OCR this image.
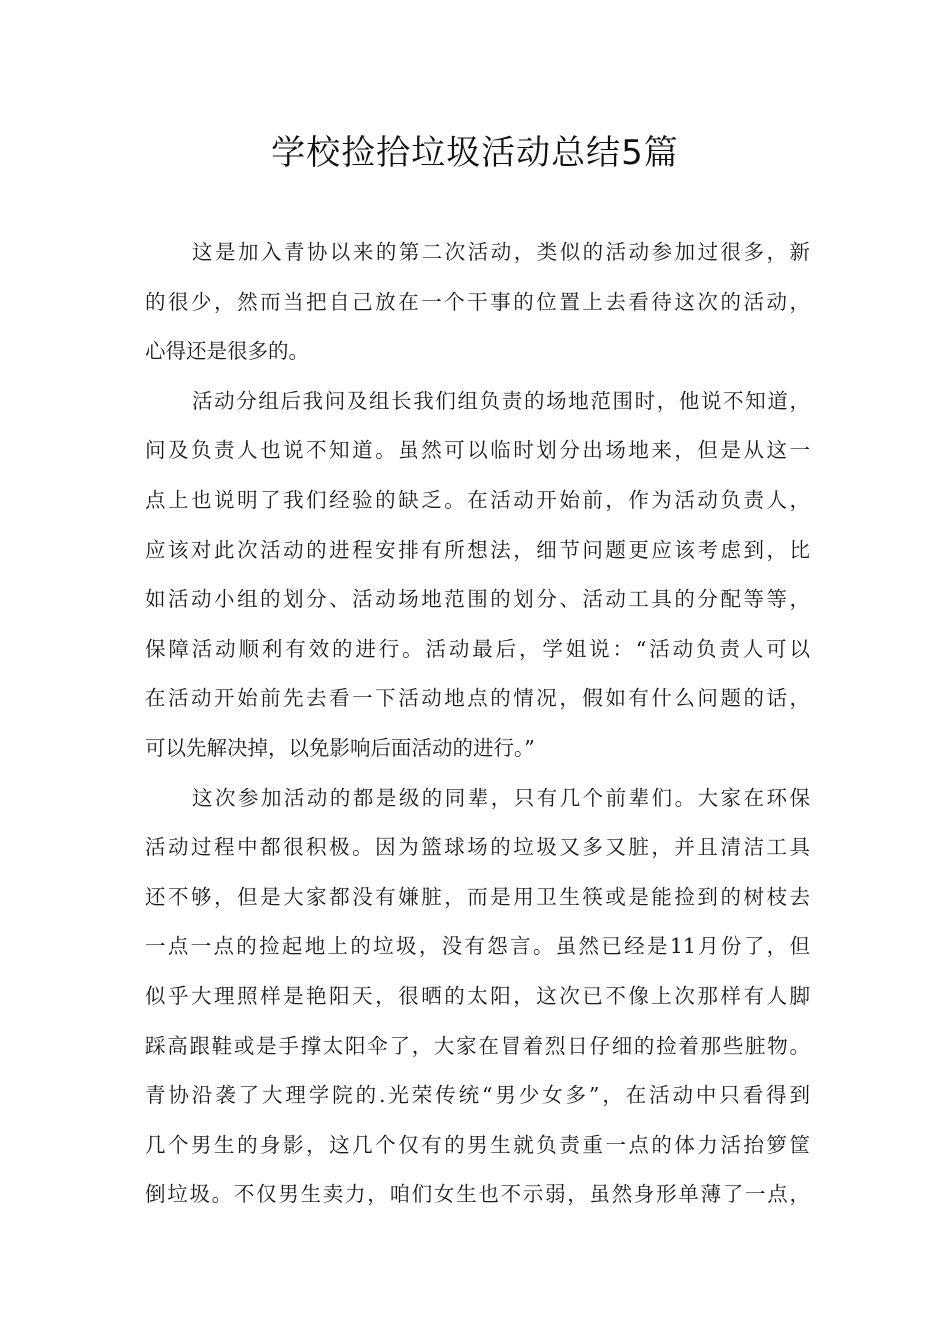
学校捡拾垃圾活动总结5篇
这是加入青协以来的第二次活动，类似的活动参加过很多，新
的很少，然而当把自己放在一个干事的位置上去看待这次的活动，
心得还是很多的。
活动分组后我问及组长我们组负责的场地范围时，他说不知道，
问及负责人也说不知道。虽然可以临时划分出场地来，但是从这一
点上也说明了我们经验的缺乏。在活动开始前，作为活动负责人，
应该对此次活动的进程安排有所想法，细节问题更应该考虑到，比
如活动小组的划分、活动场地范围的划分、活动工具的分配等等，
保障活动顺利有效的进行。活动最后，学姐说：“活动负责人可以
在活动开始前先去看一下活动地点的情况，假如有什么问题的话，
可以先解决掉，以免影响后面活动的进行。”
这次参加活动的都是级的同辈，只有几个前辈们。大家在环保
活动过程中都很积极。因为篮球场的垃圾又多又脏，并且清洁工具
还不够，但是大家都没有嫌脏，而是用卫生筷或是能捡到的树枝去
一点一点的捡起地上的垃圾，没有怨言。虽然已经是11月份了，但
似乎大理照样是艳阳天，很晒的太阳，这次已不像上次那样有人脚
踩高跟鞋或是手撑太阳伞了，大家在冒着烈日仔细的捡着那些脏物。
青协沿袭了大理学院的.光荣传统“男少女多”，在活动中只看得到
几个男生的身影，这几个仅有的男生就负责重一点的体力活抬箩筐
倒垃圾。不仅男生卖力，咱们女生也不示弱，虽然身形单薄了一点，
